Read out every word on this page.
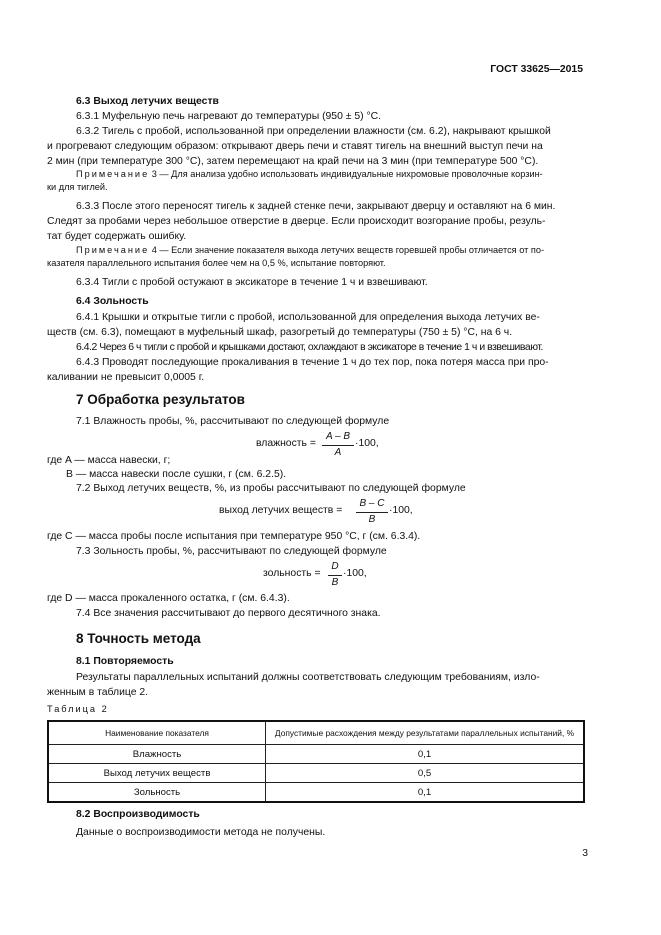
ГОСТ 33625—2015
6.3 Выход летучих веществ
6.3.1 Муфельную печь нагревают до температуры (950 ± 5) °С.
6.3.2 Тигель с пробой, использованной при определении влажности (см. 6.2), накрывают крышкой
и прогревают следующим образом: открывают дверь печи и ставят тигель на внешний выступ печи на
2 мин (при температуре 300 °С), затем перемещают на край печи на 3 мин (при температуре 500 °С).
Примечание 3 — Для анализа удобно использовать индивидуальные нихромовые проволочные корзин-
ки для тиглей.
6.3.3 После этого переносят тигель к задней стенке печи, закрывают дверцу и оставляют на 6 мин.
Следят за пробами через небольшое отверстие в дверце. Если происходит возгорание пробы, резуль-
тат будет содержать ошибку.
Примечание 4 — Если значение показателя выхода летучих веществ горевшей пробы отличается от по-
казателя параллельного испытания более чем на 0,5 %, испытание повторяют.
6.3.4 Тигли с пробой остужают в эксикаторе в течение 1 ч и взвешивают.
6.4 Зольность
6.4.1 Крышки и открытые тигли с пробой, использованной для определения выхода летучих ве-
ществ (см. 6.3), помещают в муфельный шкаф, разогретый до температуры (750 ± 5) °С, на 6 ч.
6.4.2 Через 6 ч тигли с пробой и крышками достают, охлаждают в эксикаторе в течение 1 ч и взвешивают.
6.4.3 Проводят последующие прокаливания в течение 1 ч до тех пор, пока потеря масса при про-
каливании не превысит 0,0005 г.
7 Обработка результатов
7.1 Влажность пробы, %, рассчитывают по следующей формуле
влажность =
A – B
A
·100,
где A — масса навески, г;
B — масса навески после сушки, г (см. 6.2.5).
7.2 Выход летучих веществ, %, из пробы рассчитывают по следующей формуле
выход летучих веществ =
B – C
B
·100,
где C — масса пробы после испытания при температуре 950 °С, г (см. 6.3.4).
7.3 Зольность пробы, %, рассчитывают по следующей формуле
зольность =
D
B
·100,
где D — масса прокаленного остатка, г (см. 6.4.3).
7.4 Все значения рассчитывают до первого десятичного знака.
8 Точность метода
8.1 Повторяемость
Результаты параллельных испытаний должны соответствовать следующим требованиям, изло-
женным в таблице 2.
Таблица 2
Наименование показателя	Допустимые расхождения между результатами параллельных испытаний, %
Влажность	0,1
Выход летучих веществ	0,5
Зольность	0,1
8.2 Воспроизводимость
Данные о воспроизводимости метода не получены.
3
